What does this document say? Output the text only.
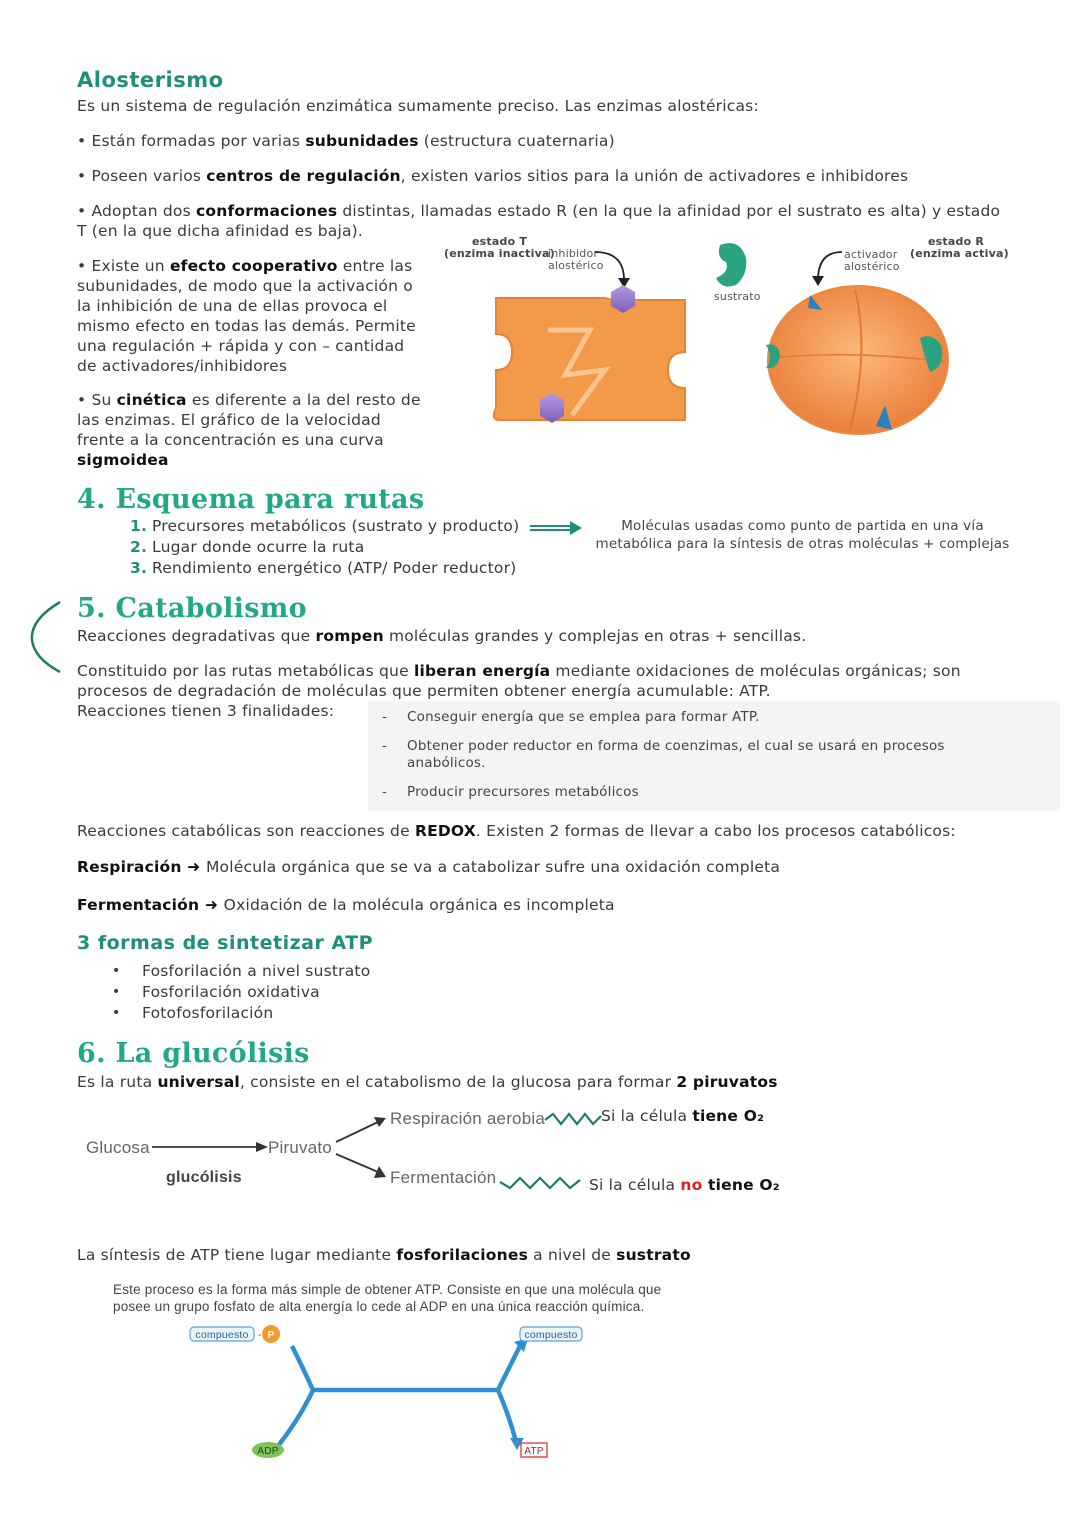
Alosterismo
Es un sistema de regulación enzimática sumamente preciso. Las enzimas alostéricas:
• Están formadas por varias subunidades (estructura cuaternaria)
• Poseen varios centros de regulación, existen varios sitios para la unión de activadores e inhibidores
• Adoptan dos conformaciones distintas, llamadas estado R (en la que la afinidad por el sustrato es alta) y estado
T (en la que dicha afinidad es baja).
• Existe un efecto cooperativo entre las
subunidades, de modo que la activación o
la inhibición de una de ellas provoca el
mismo efecto en todas las demás. Permite
una regulación + rápida y con – cantidad
de activadores/inhibidores
• Su cinética es diferente a la del resto de
las enzimas. El gráfico de la velocidad
frente a la concentración es una curva
sigmoidea
estado T
(enzima inactiva)
inhibidor
alostérico
sustrato
activador
alostérico
estado R
(enzima activa)
4. Esquema para rutas
1. Precursores metabólicos (sustrato y producto)
2. Lugar donde ocurre la ruta
3. Rendimiento energético (ATP/ Poder reductor)
Moléculas usadas como punto de partida en una vía
metabólica para la síntesis de otras moléculas + complejas
5. Catabolismo
Reacciones degradativas que rompen moléculas grandes y complejas en otras + sencillas.
Constituido por las rutas metabólicas que liberan energía mediante oxidaciones de moléculas orgánicas; son
procesos de degradación de moléculas que permiten obtener energía acumulable: ATP.
Reacciones tienen 3 finalidades:	- Conseguir energía que se emplea para formar ATP.
- Obtener poder reductor en forma de coenzimas, el cual se usará en procesos anabólicos.
- Producir precursores metabólicos
Reacciones catabólicas son reacciones de REDOX. Existen 2 formas de llevar a cabo los procesos catabólicos:
Respiración ➜ Molécula orgánica que se va a catabolizar sufre una oxidación completa
Fermentación ➜ Oxidación de la molécula orgánica es incompleta
3 formas de sintetizar ATP
• Fosforilación a nivel sustrato
• Fosforilación oxidativa
• Fotofosforilación
6. La glucólisis
Es la ruta universal, consiste en el catabolismo de la glucosa para formar 2 piruvatos
Glucosa	Piruvato
glucólisis
Respiración aerobia
Fermentación
Si la célula tiene O₂
Si la célula no tiene O₂
La síntesis de ATP tiene lugar mediante fosforilaciones a nivel de sustrato
Este proceso es la forma más simple de obtener ATP. Consiste en que una molécula que
posee un grupo fosfato de alta energía lo cede al ADP en una única reacción química.
compuesto - P	compuesto
ADP	ATP
